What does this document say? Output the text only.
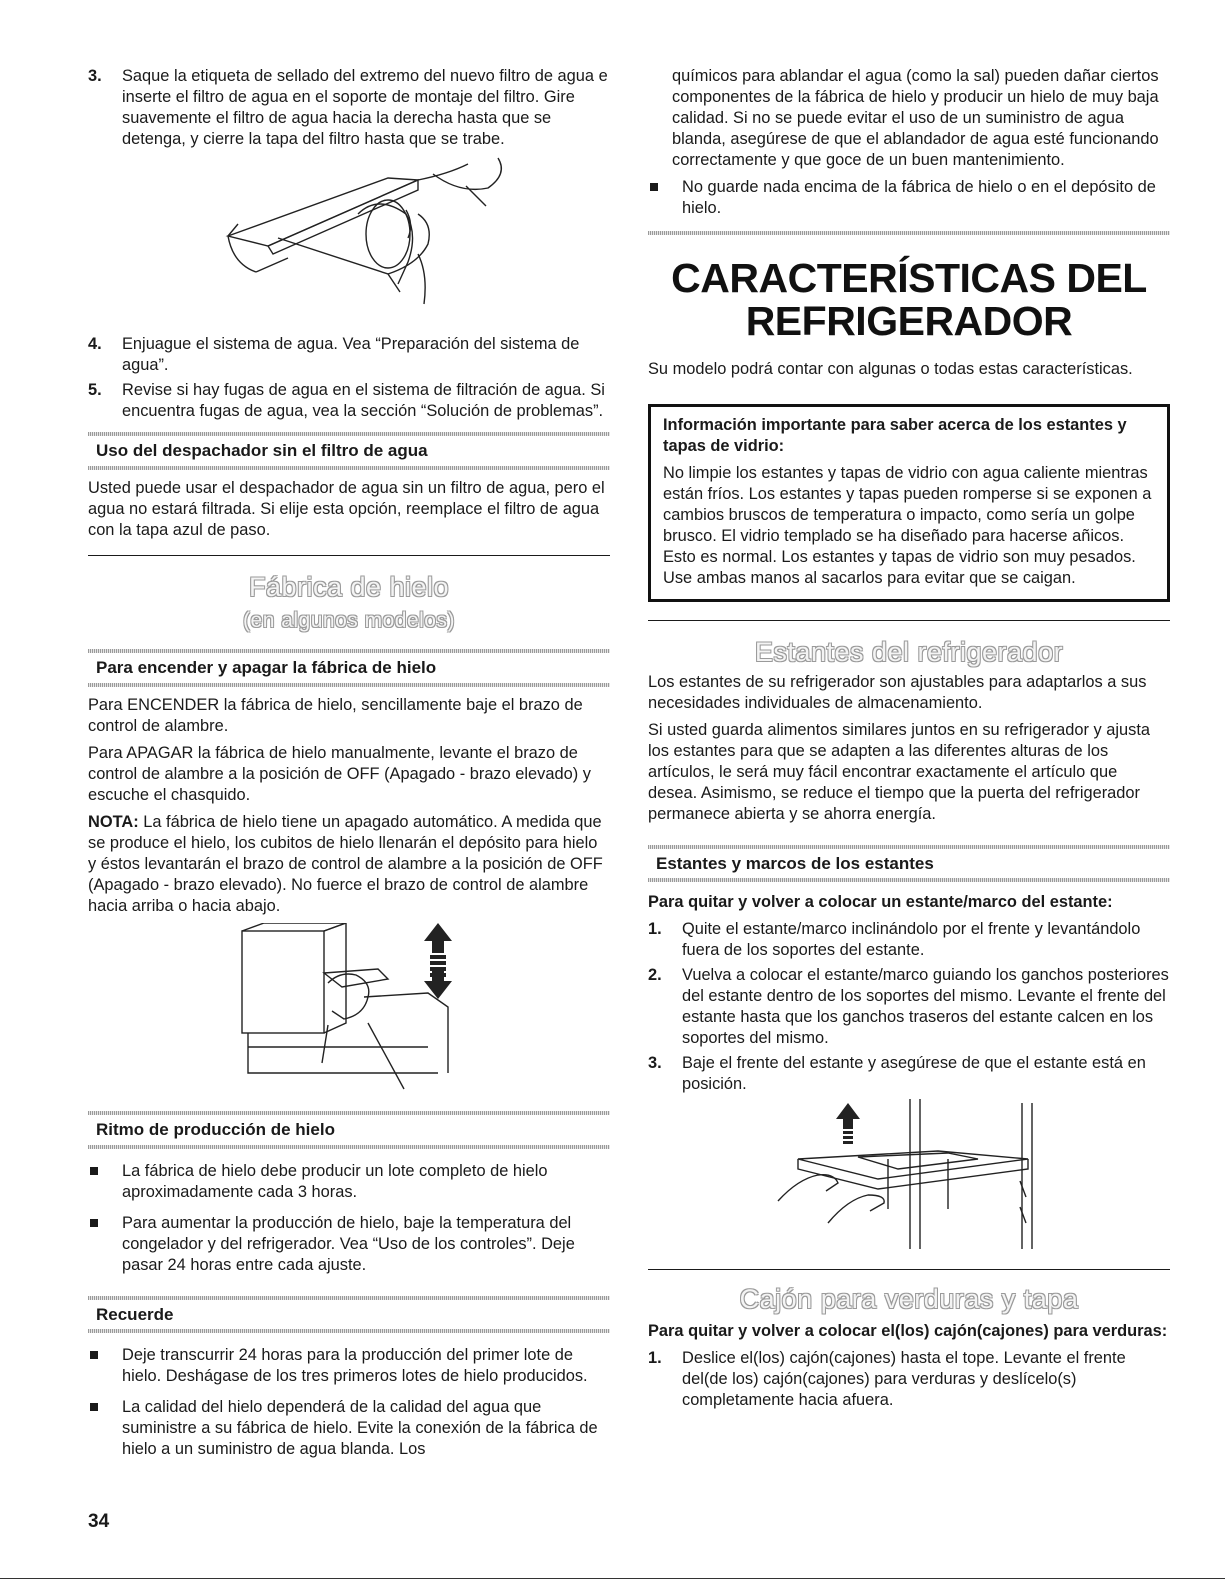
3. Saque la etiqueta de sellado del extremo del nuevo filtro de agua e inserte el filtro de agua en el soporte de montaje del filtro. Gire suavemente el filtro de agua hacia la derecha hasta que se detenga, y cierre la tapa del filtro hasta que se trabe.
4. Enjuague el sistema de agua. Vea “Preparación del sistema de agua”.
5. Revise si hay fugas de agua en el sistema de filtración de agua. Si encuentra fugas de agua, vea la sección “Solución de problemas”.
Uso del despachador sin el filtro de agua

Usted puede usar el despachador de agua sin un filtro de agua, pero el agua no estará filtrada. Si elije esta opción, reemplace el filtro de agua con la tapa azul de paso.

Fábrica de hielo
(en algunos modelos)
Para encender y apagar la fábrica de hielo

Para ENCENDER la fábrica de hielo, sencillamente baje el brazo de control de alambre.

Para APAGAR la fábrica de hielo manualmente, levante el brazo de control de alambre a la posición de OFF (Apagado - brazo elevado) y escuche el chasquido.

NOTA: La fábrica de hielo tiene un apagado automático. A medida que se produce el hielo, los cubitos de hielo llenarán el depósito para hielo y éstos levantarán el brazo de control de alambre a la posición de OFF (Apagado - brazo elevado). No fuerce el brazo de control de alambre hacia arriba o hacia abajo.

Ritmo de producción de hielo
La fábrica de hielo debe producir un lote completo de hielo aproximadamente cada 3 horas.
Para aumentar la producción de hielo, baje la temperatura del congelador y del refrigerador. Vea “Uso de los controles”. Deje pasar 24 horas entre cada ajuste.
Recuerde
Deje transcurrir 24 horas para la producción del primer lote de hielo. Deshágase de los tres primeros lotes de hielo producidos.
La calidad del hielo dependerá de la calidad del agua que suministre a su fábrica de hielo. Evite la conexión de la fábrica de hielo a un suministro de agua blanda. Los

químicos para ablandar el agua (como la sal) pueden dañar ciertos componentes de la fábrica de hielo y producir un hielo de muy baja calidad. Si no se puede evitar el uso de un suministro de agua blanda, asegúrese de que el ablandador de agua esté funcionando correctamente y que goce de un buen mantenimiento.

No guarde nada encima de la fábrica de hielo o en el depósito de hielo.
CARACTERÍSTICAS DEL
REFRIGERADOR

Su modelo podrá contar con algunas o todas estas características.

Información importante para saber acerca de los estantes y tapas de vidrio:
No limpie los estantes y tapas de vidrio con agua caliente mientras están fríos. Los estantes y tapas pueden romperse si se exponen a cambios bruscos de temperatura o impacto, como sería un golpe brusco. El vidrio templado se ha diseñado para hacerse añicos. Esto es normal. Los estantes y tapas de vidrio son muy pesados. Use ambas manos al sacarlos para evitar que se caigan.
Estantes del refrigerador

Los estantes de su refrigerador son ajustables para adaptarlos a sus necesidades individuales de almacenamiento.

Si usted guarda alimentos similares juntos en su refrigerador y ajusta los estantes para que se adapten a las diferentes alturas de los artículos, le será muy fácil encontrar exactamente el artículo que desea. Asimismo, se reduce el tiempo que la puerta del refrigerador permanece abierta y se ahorra energía.

Estantes y marcos de los estantes

Para quitar y volver a colocar un estante/marco del estante:

1. Quite el estante/marco inclinándolo por el frente y levantándolo fuera de los soportes del estante.
2. Vuelva a colocar el estante/marco guiando los ganchos posteriores del estante dentro de los soportes del mismo. Levante el frente del estante hasta que los ganchos traseros del estante calcen en los soportes del mismo.
3. Baje el frente del estante y asegúrese de que el estante está en posición.
Cajón para verduras y tapa

Para quitar y volver a colocar el(los) cajón(cajones) para verduras:

1. Deslice el(los) cajón(cajones) hasta el tope. Levante el frente del(de los) cajón(cajones) para verduras y deslícelo(s) completamente hacia afuera.
34
